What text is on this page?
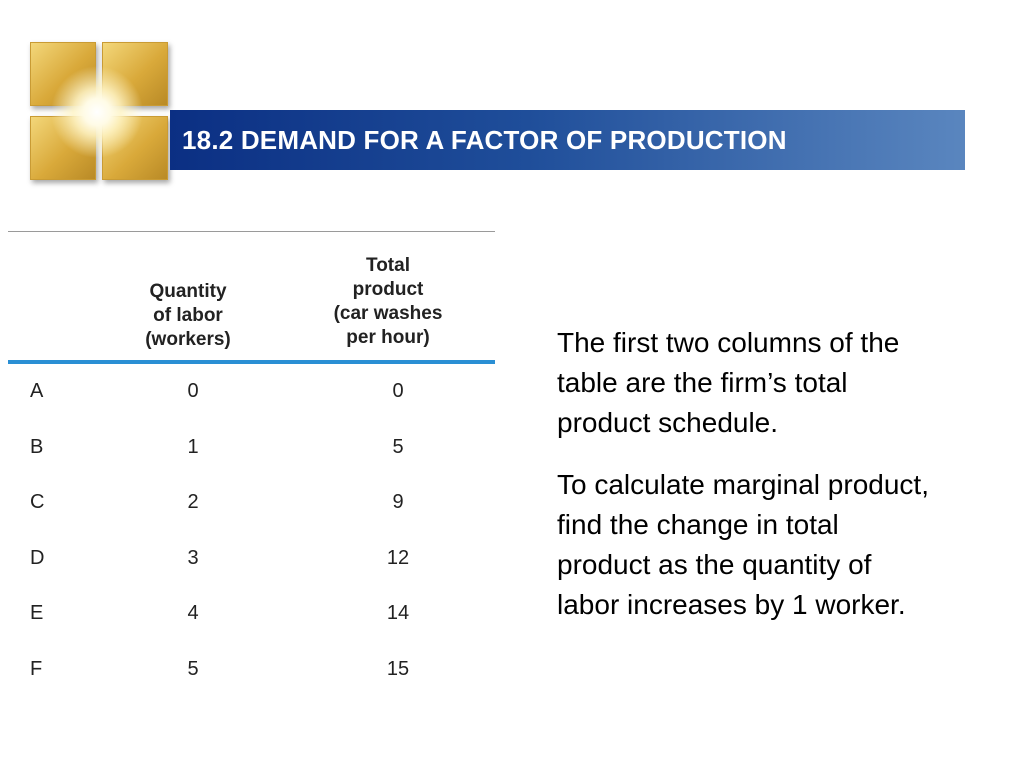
18.2 DEMAND FOR A FACTOR OF PRODUCTION
Quantity
of labor
(workers)
Total
product
(car washes
per hour)
A	0	0
B	1	5
C	2	9
D	3	12
E	4	14
F	5	15

The first two columns of the table are the firm’s total product schedule.

To calculate marginal product, find the change in total product as the quantity of labor increases by 1 worker.
